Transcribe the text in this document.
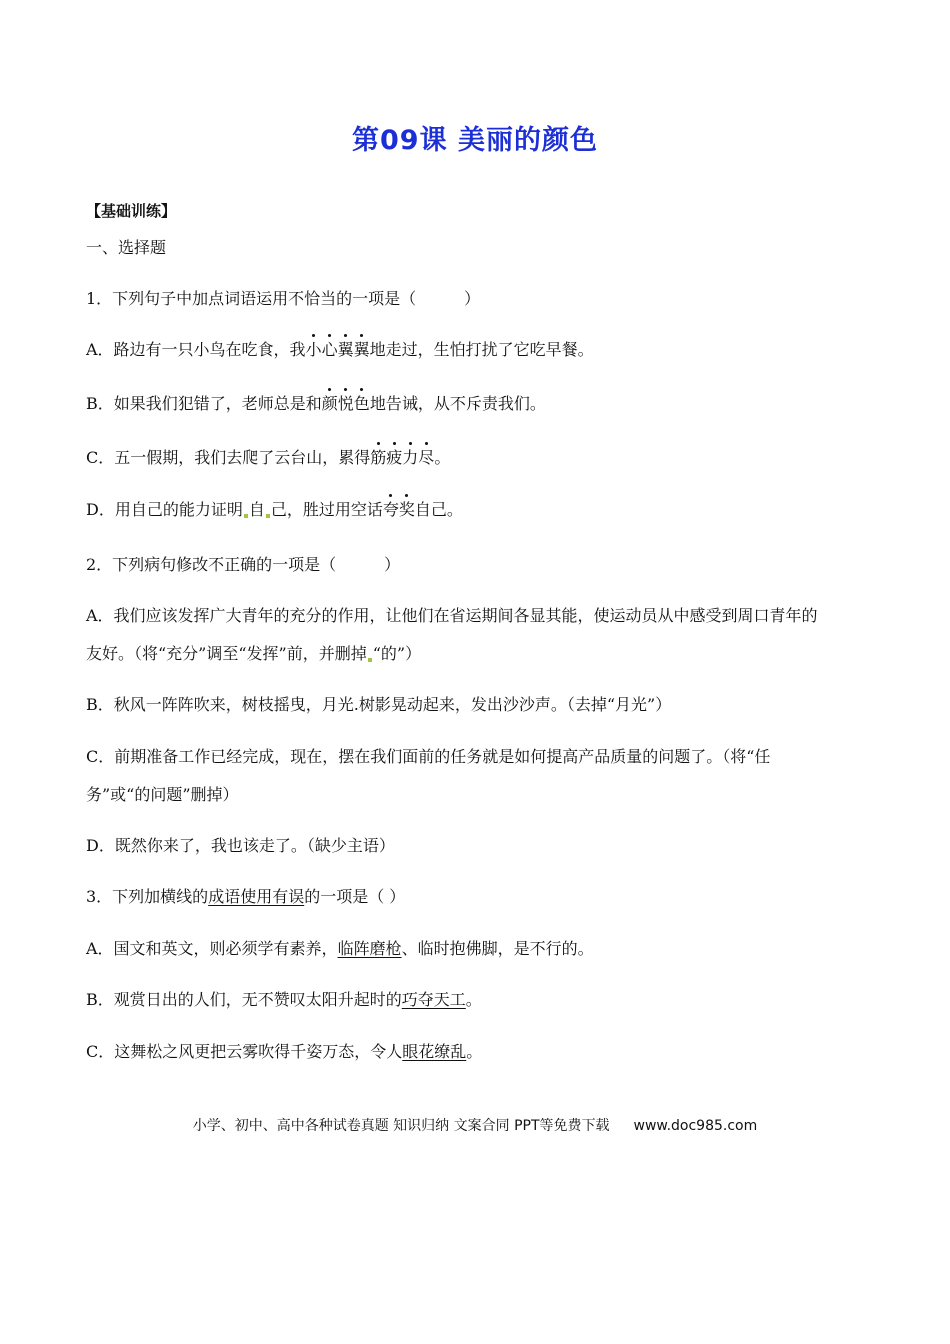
第09课 美丽的颜色
【基础训练】
一、选择题
1．下列句子中加点词语运用不恰当的一项是（　　　）
A．路边有一只小鸟在吃食，我小心翼翼地走过，生怕打扰了它吃早餐。
B．如果我们犯错了，老师总是和颜悦色地告诫，从不斥责我们。
C．五一假期，我们去爬了云台山，累得筋疲力尽。
D．用自己的能力证明 自 己，胜过用空话夸奖自己。
2．下列病句修改不正确的一项是（　　　）
A．我们应该发挥广大青年的充分的作用，让他们在省运期间各显其能，使运动员从中感受到周口青年的
友好。（将“充分”调至“发挥”前，并删掉 “的”）
B．秋风一阵阵吹来，树枝摇曳，月光.树影晃动起来，发出沙沙声。（去掉“月光”）
C．前期准备工作已经完成，现在，摆在我们面前的任务就是如何提高产品质量的问题了。（将“任
务”或“的问题”删掉）
D．既然你来了，我也该走了。（缺少主语）
3．下列加横线的成语使用有误的一项是（ ）
A．国文和英文，则必须学有素养，临阵磨枪、临时抱佛脚，是不行的。
B．观赏日出的人们，无不赞叹太阳升起时的巧夺天工。
C．这舞松之风更把云雾吹得千姿万态，令人眼花缭乱。
小学、初中、高中各种试卷真题 知识归纳 文案合同 PPT等免费下载 www.doc985.com
